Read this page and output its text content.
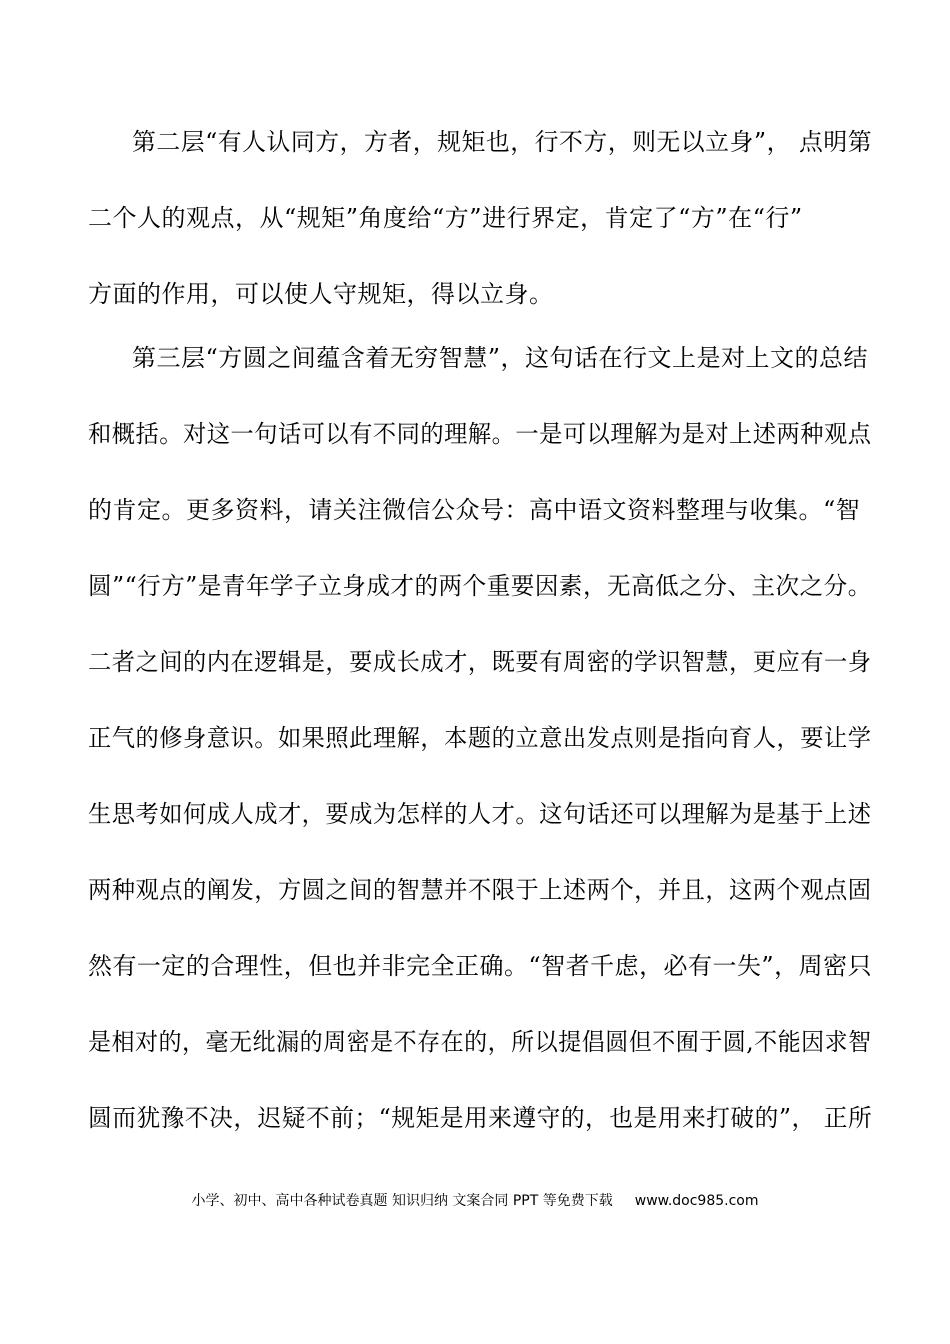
第二层“有人认同方，方者，规矩也，行不方，则无以立身”， 点明第
二个人的观点，从“规矩”角度给“方”进行界定，肯定了“方”在“行”
方面的作用，可以使人守规矩，得以立身。
第三层“方圆之间蕴含着无穷智慧”，这句话在行文上是对上文的总结
和概括。对这一句话可以有不同的理解。一是可以理解为是对上述两种观点
的肯定。更多资料，请关注微信公众号：高中语文资料整理与收集。“智
圆”“行方”是青年学子立身成才的两个重要因素，无高低之分、主次之分。
二者之间的内在逻辑是，要成长成才，既要有周密的学识智慧，更应有一身
正气的修身意识。如果照此理解，本题的立意出发点则是指向育人，要让学
生思考如何成人成才，要成为怎样的人才。这句话还可以理解为是基于上述
两种观点的阐发，方圆之间的智慧并不限于上述两个，并且，这两个观点固
然有一定的合理性，但也并非完全正确。“智者千虑，必有一失”，周密只
是相对的，毫无纰漏的周密是不存在的，所以提倡圆但不囿于圆,不能因求智
圆而犹豫不决，迟疑不前；“规矩是用来遵守的，也是用来打破的”， 正所
小学、初中、高中各种试卷真题 知识归纳 文案合同 PPT 等免费下载 www.doc985.com
